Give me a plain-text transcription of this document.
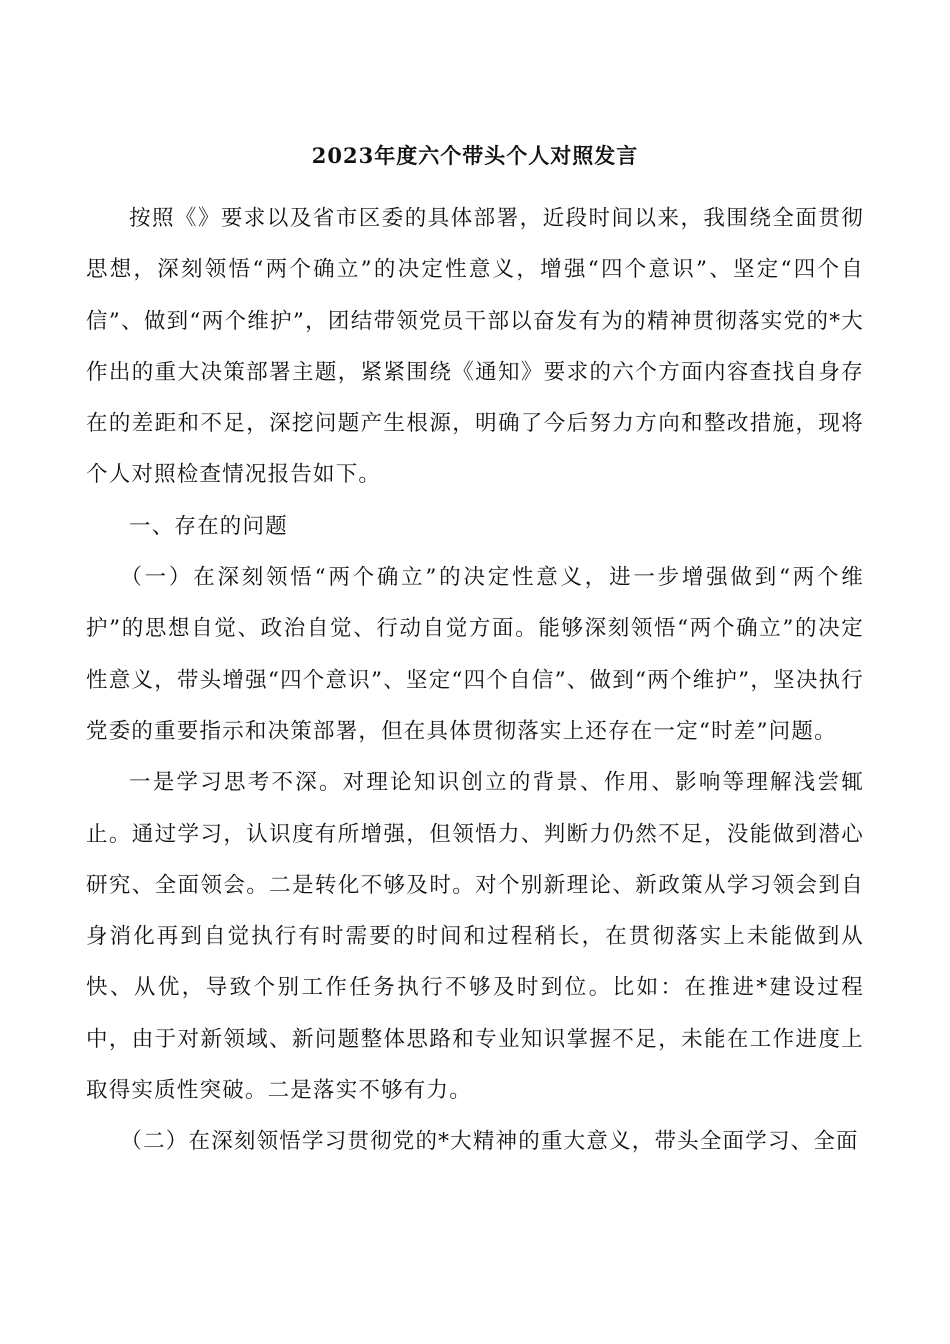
2023年度六个带头个人对照发言

按照《》要求以及省市区委的具体部署，近段时间以来，我围绕全面贯彻思想，深刻领悟“两个确立”的决定性意义，增强“四个意识”、坚定“四个自信”、做到“两个维护”，团结带领党员干部以奋发有为的精神贯彻落实党的*大作出的重大决策部署主题，紧紧围绕《通知》要求的六个方面内容查找自身存在的差距和不足，深挖问题产生根源，明确了今后努力方向和整改措施，现将个人对照检查情况报告如下。

一、存在的问题

（一）在深刻领悟“两个确立”的决定性意义，进一步增强做到“两个维护”的思想自觉、政治自觉、行动自觉方面。能够深刻领悟“两个确立”的决定性意义，带头增强“四个意识”、坚定“四个自信”、做到“两个维护”，坚决执行党委的重要指示和决策部署，但在具体贯彻落实上还存在一定“时差”问题。

一是学习思考不深。对理论知识创立的背景、作用、影响等理解浅尝辄止。通过学习，认识度有所增强，但领悟力、判断力仍然不足，没能做到潜心研究、全面领会。二是转化不够及时。对个别新理论、新政策从学习领会到自身消化再到自觉执行有时需要的时间和过程稍长，在贯彻落实上未能做到从快、从优，导致个别工作任务执行不够及时到位。比如：在推进*建设过程中，由于对新领域、新问题整体思路和专业知识掌握不足，未能在工作进度上取得实质性突破。二是落实不够有力。

（二）在深刻领悟学习贯彻党的*大精神的重大意义，带头全面学习、全面
